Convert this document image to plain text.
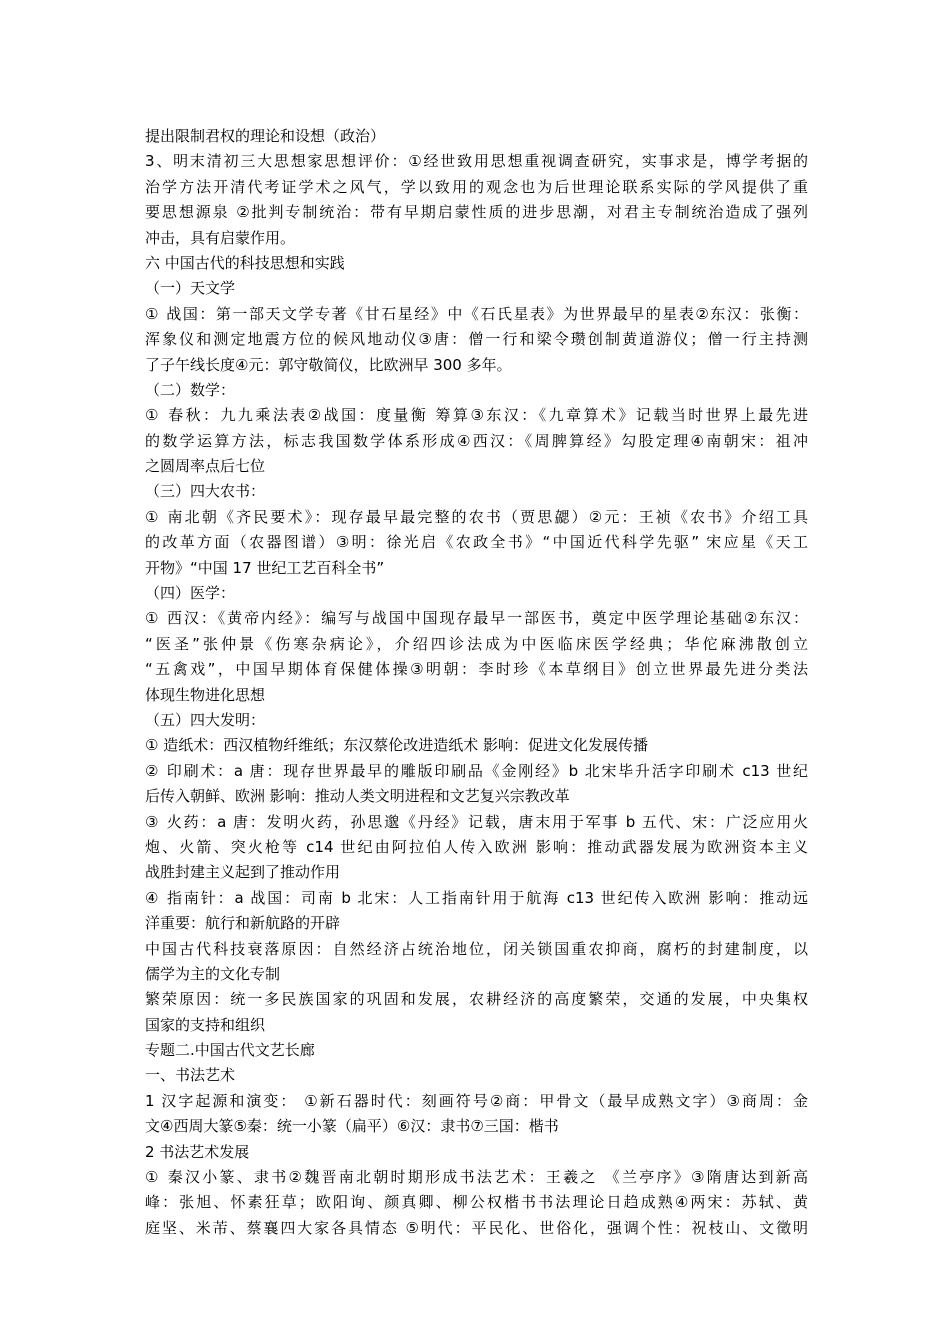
提出限制君权的理论和设想（政治）
3、明末清初三大思想家思想评价：①经世致用思想重视调查研究，实事求是，博学考据的
治学方法开清代考证学术之风气，学以致用的观念也为后世理论联系实际的学风提供了重
要思想源泉 ②批判专制统治：带有早期启蒙性质的进步思潮，对君主专制统治造成了强列
冲击，具有启蒙作用。
六 中国古代的科技思想和实践
（一）天文学
① 战国：第一部天文学专著《甘石星经》中《石氏星表》为世界最早的星表②东汉：张衡：
浑象仪和测定地震方位的候风地动仪③唐：僧一行和梁令瓒创制黄道游仪；僧一行主持测
了子午线长度④元：郭守敬简仪，比欧洲早 300 多年。
（二）数学：
① 春秋：九九乘法表②战国：度量衡 筹算③东汉：《九章算术》记载当时世界上最先进
的数学运算方法，标志我国数学体系形成④西汉：《周脾算经》勾股定理④南朝宋：祖冲
之圆周率点后七位
（三）四大农书：
① 南北朝《齐民要术》：现存最早最完整的农书（贾思勰）②元：王祯《农书》介绍工具
的改革方面（农器图谱）③明：徐光启《农政全书》“中国近代科学先驱” 宋应星《天工
开物》“中国 17 世纪工艺百科全书”
（四）医学：
① 西汉：《黄帝内经》：编写与战国中国现存最早一部医书，奠定中医学理论基础②东汉：
“医圣”张仲景《伤寒杂病论》，介绍四诊法成为中医临床医学经典；华佗麻沸散创立
“五禽戏”，中国早期体育保健体操③明朝：李时珍《本草纲目》创立世界最先进分类法
体现生物进化思想
（五）四大发明：
① 造纸术：西汉植物纤维纸；东汉蔡伦改进造纸术 影响：促进文化发展传播
② 印刷术：a 唐：现存世界最早的雕版印刷品《金刚经》b 北宋毕升活字印刷术 c13 世纪
后传入朝鲜、欧洲 影响：推动人类文明进程和文艺复兴宗教改革
③ 火药：a 唐：发明火药，孙思邈《丹经》记载，唐末用于军事 b 五代、宋：广泛应用火
炮、火箭、突火枪等 c14 世纪由阿拉伯人传入欧洲 影响：推动武器发展为欧洲资本主义
战胜封建主义起到了推动作用
④ 指南针：a 战国：司南 b 北宋：人工指南针用于航海 c13 世纪传入欧洲 影响：推动远
洋重要：航行和新航路的开辟
中国古代科技衰落原因：自然经济占统治地位，闭关锁国重农抑商，腐朽的封建制度，以
儒学为主的文化专制
繁荣原因：统一多民族国家的巩固和发展，农耕经济的高度繁荣，交通的发展，中央集权
国家的支持和组织
专题二.中国古代文艺长廊
一、书法艺术
1 汉字起源和演变： ①新石器时代：刻画符号②商：甲骨文（最早成熟文字）③商周：金
文④西周大篆⑤秦：统一小篆（扁平）⑥汉：隶书⑦三国：楷书
2 书法艺术发展
① 秦汉小篆、隶书②魏晋南北朝时期形成书法艺术：王羲之 《兰亭序》③隋唐达到新高
峰：张旭、怀素狂草；欧阳询、颜真卿、柳公权楷书书法理论日趋成熟④两宋：苏轼、黄
庭坚、米芾、蔡襄四大家各具情态 ⑤明代：平民化、世俗化，强调个性：祝枝山、文徵明
